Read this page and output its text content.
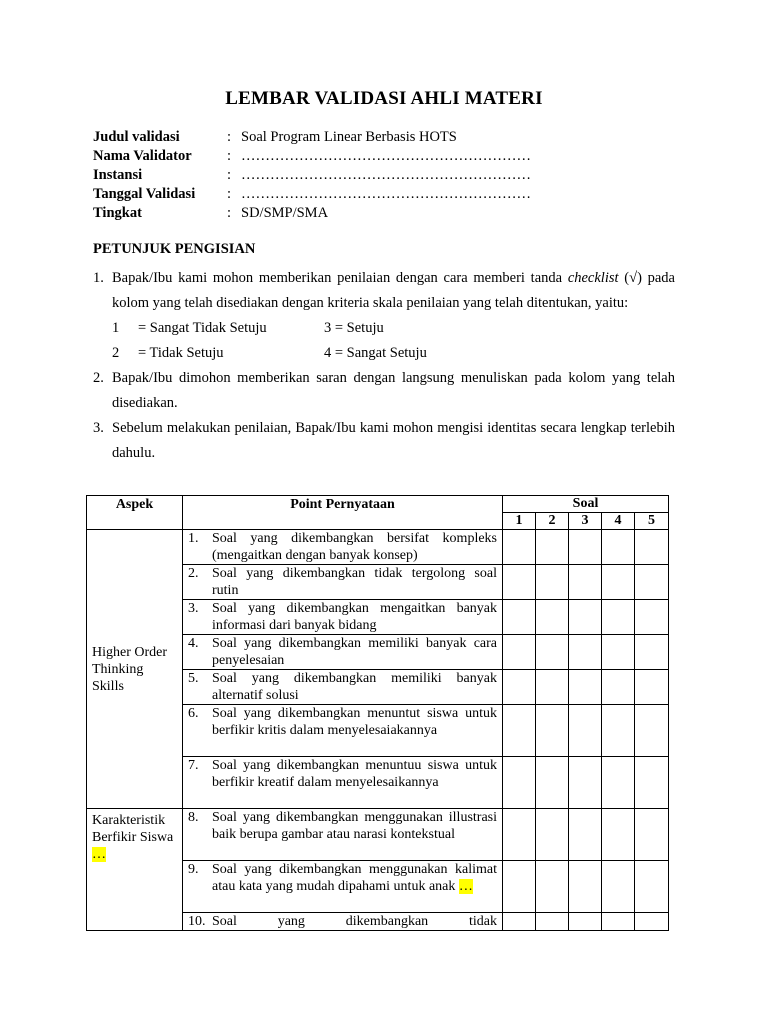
LEMBAR VALIDASI AHLI MATERI
Judul validasi	: Soal Program Linear Berbasis HOTS
Nama Validator : ……………………………………………………
Instansi	: ……………………………………………………
Tanggal Validasi : ……………………………………………………
Tingkat	: SD/SMP/SMA
PETUNJUK PENGISIAN
1. Bapak/Ibu kami mohon memberikan penilaian dengan cara memberi tanda checklist (√) pada kolom yang telah disediakan dengan kriteria skala penilaian yang telah ditentukan, yaitu:
1 = Sangat Tidak Setuju	3 = Setuju
2 = Tidak Setuju	4 = Sangat Setuju
2. Bapak/Ibu dimohon memberikan saran dengan langsung menuliskan pada kolom yang telah disediakan.
3. Sebelum melakukan penilaian, Bapak/Ibu kami mohon mengisi identitas secara lengkap terlebih dahulu.
Aspek	Point Pernyataan	Soal				
		1	2	3	4	5
Higher Order Thinking Skills	1. Soal yang dikembangkan bersifat kompleks (mengaitkan dengan banyak konsep)					

	2. Soal yang dikembangkan tidak tergolong soal rutin					

	3. Soal yang dikembangkan mengaitkan banyak informasi dari banyak bidang					

	4. Soal yang dikembangkan memiliki banyak cara penyelesaian					

	5. Soal yang dikembangkan memiliki banyak alternatif solusi					

	6. Soal yang dikembangkan menuntut siswa untuk berfikir kritis dalam menyelesaiakannya					

	7. Soal yang dikembangkan menuntuu siswa untuk berfikir kreatif dalam menyelesaikannya					

Karakteristik Berfikir Siswa …	8. Soal yang dikembangkan menggunakan illustrasi baik berupa gambar atau narasi kontekstual					

	9. Soal yang dikembangkan menggunakan kalimat atau kata yang mudah dipahami untuk anak …					

	10. Soal yang dikembangkan tidak					
